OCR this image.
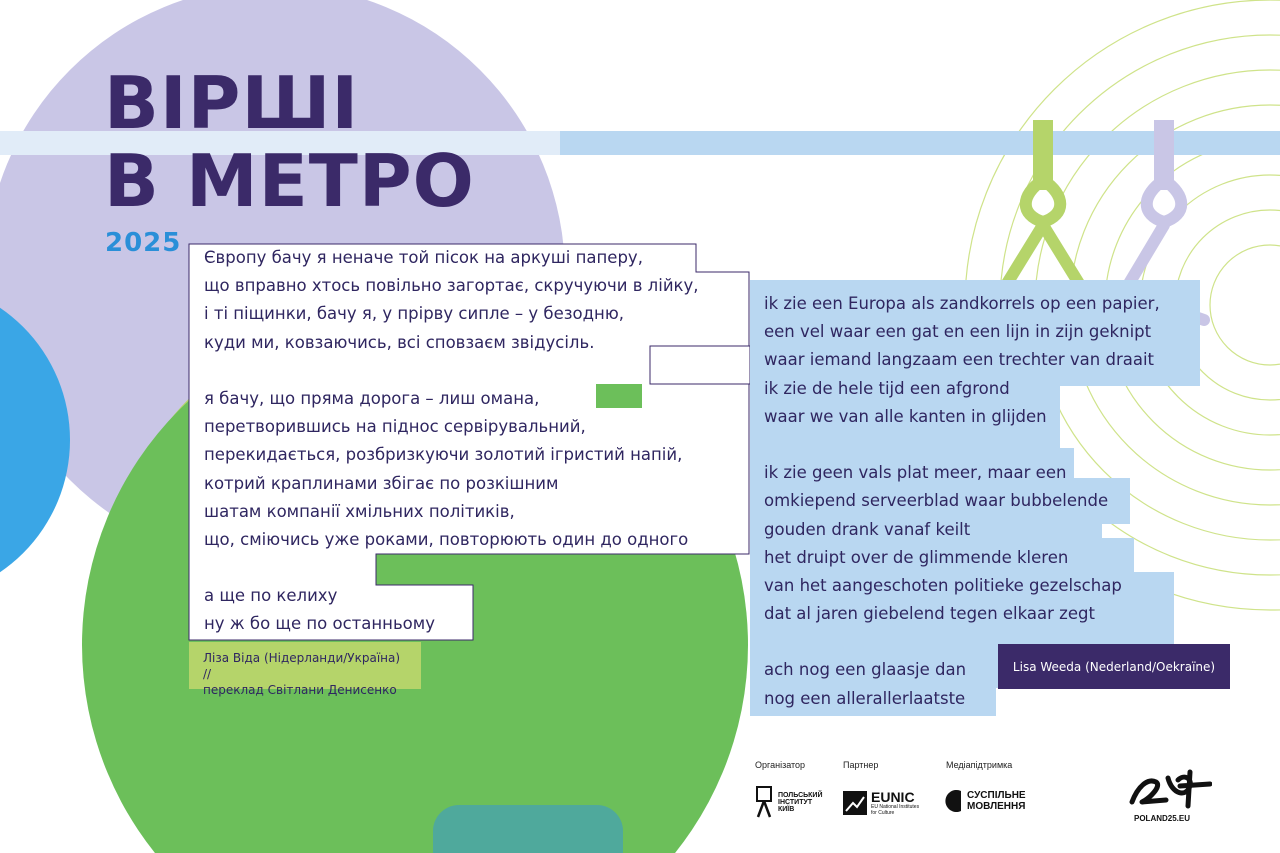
ВІРШІ
В МЕТРО
2025 Європу бачу я неначе той пісок на аркуші паперу,
що вправно хтось повільно загортає, скручуючи в лійку,
і ті піщинки, бачу я, у прірву сипле – у безодню,
куди ми, ковзаючись, всі сповзаєм звідусіль.
я бачу, що пряма дорога – лиш омана,
перетворившись на піднос сервірувальний,
перекидається, розбризкуючи золотий ігристий напій,
котрий краплинами збігає по розкішним
шатам компанії хмільних політиків,
що, сміючись уже роками, повторюють один до одного
а ще по келиху
ну ж бо ще по останньому
Ліза Віда (Нідерланди/Україна) //
переклад Світлани Денисенко
ik zie een Europa als zandkorrels op een papier,
een vel waar een gat en een lijn in zijn geknipt
waar iemand langzaam een trechter van draait
ik zie de hele tijd een afgrond
waar we van alle kanten in glijden
ik zie geen vals plat meer, maar een
omkiepend serveerblad waar bubbelende
gouden drank vanaf keilt
het druipt over de glimmende kleren
van het aangeschoten politieke gezelschap
dat al jaren giebelend tegen elkaar zegt
ach nog een glaasje dan
nog een allerallerlaatste
Lisa Weeda (Nederland/Oekraïne)
Організатор	Партнер	Медіапідтримка
ПОЛЬСЬКИЙ
ІНСТИТУТ
КИЇВ
EUNIC
EU National Institutes
for Culture
СУСПІЛЬНЕ
МОВЛЕННЯ
POLAND25.EU
